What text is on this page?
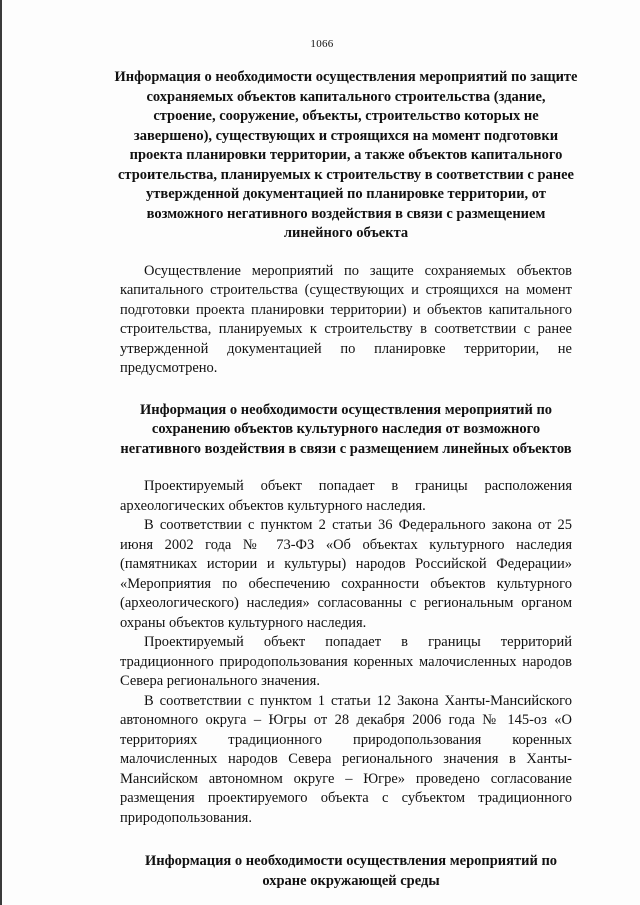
1066
Информация о необходимости осуществления мероприятий по защите сохраняемых объектов капитального строительства (здание, строение, сооружение, объекты, строительство которых не завершено), существующих и строящихся на момент подготовки проекта планировки территории, а также объектов капитального строительства, планируемых к строительству в соответствии с ранее утвержденной документацией по планировке территории, от возможного негативного воздействия в связи с размещением линейного объекта

Осуществление мероприятий по защите сохраняемых объектов капитального строительства (существующих и строящихся на момент подготовки проекта планировки территории) и объектов капитального строительства, планируемых к строительству в соответствии с ранее утвержденной документацией по планировке территории, не предусмотрено.

Информация о необходимости осуществления мероприятий по сохранению объектов культурного наследия от возможного негативного воздействия в связи с размещением линейных объектов

Проектируемый объект попадает в границы расположения археологических объектов культурного наследия.

В соответствии с пунктом 2 статьи 36 Федерального закона от 25 июня 2002 года № 73-ФЗ «Об объектах культурного наследия (памятниках истории и культуры) народов Российской Федерации» «Мероприятия по обеспечению сохранности объектов культурного (археологического) наследия» согласованны с региональным органом охраны объектов культурного наследия.

Проектируемый объект попадает в границы территорий традиционного природопользования коренных малочисленных народов Севера регионального значения.

В соответствии с пунктом 1 статьи 12 Закона Ханты-Мансийского автономного округа – Югры от 28 декабря 2006 года № 145-оз «О территориях традиционного природопользования коренных малочисленных народов Севера регионального значения в Ханты-Мансийском автономном округе – Югре» проведено согласование размещения проектируемого объекта с субъектом традиционного природопользования.

Информация о необходимости осуществления мероприятий по охране окружающей среды
